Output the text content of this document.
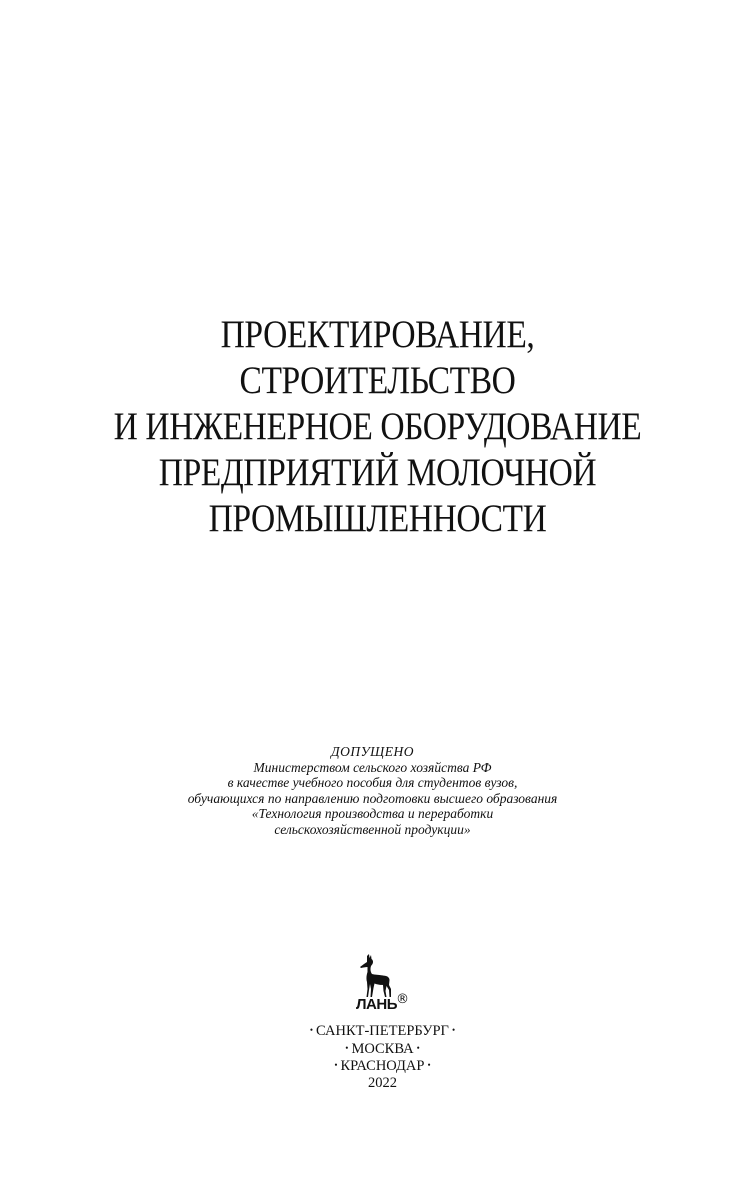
ПРОЕКТИРОВАНИЕ,
СТРОИТЕЛЬСТВО
И ИНЖЕНЕРНОЕ ОБОРУДОВАНИЕ
ПРЕДПРИЯТИЙ МОЛОЧНОЙ
ПРОМЫШЛЕННОСТИ
ДОПУЩЕНО
Министерством сельского хозяйства РФ
в качестве учебного пособия для студентов вузов,
обучающихся по направлению подготовки высшего образования
«Технология производства и переработки
сельскохозяйственной продукции»
ЛАНЬ ®
• САНКТ-ПЕТЕРБУРГ •
• МОСКВА •
• КРАСНОДАР •
2022
